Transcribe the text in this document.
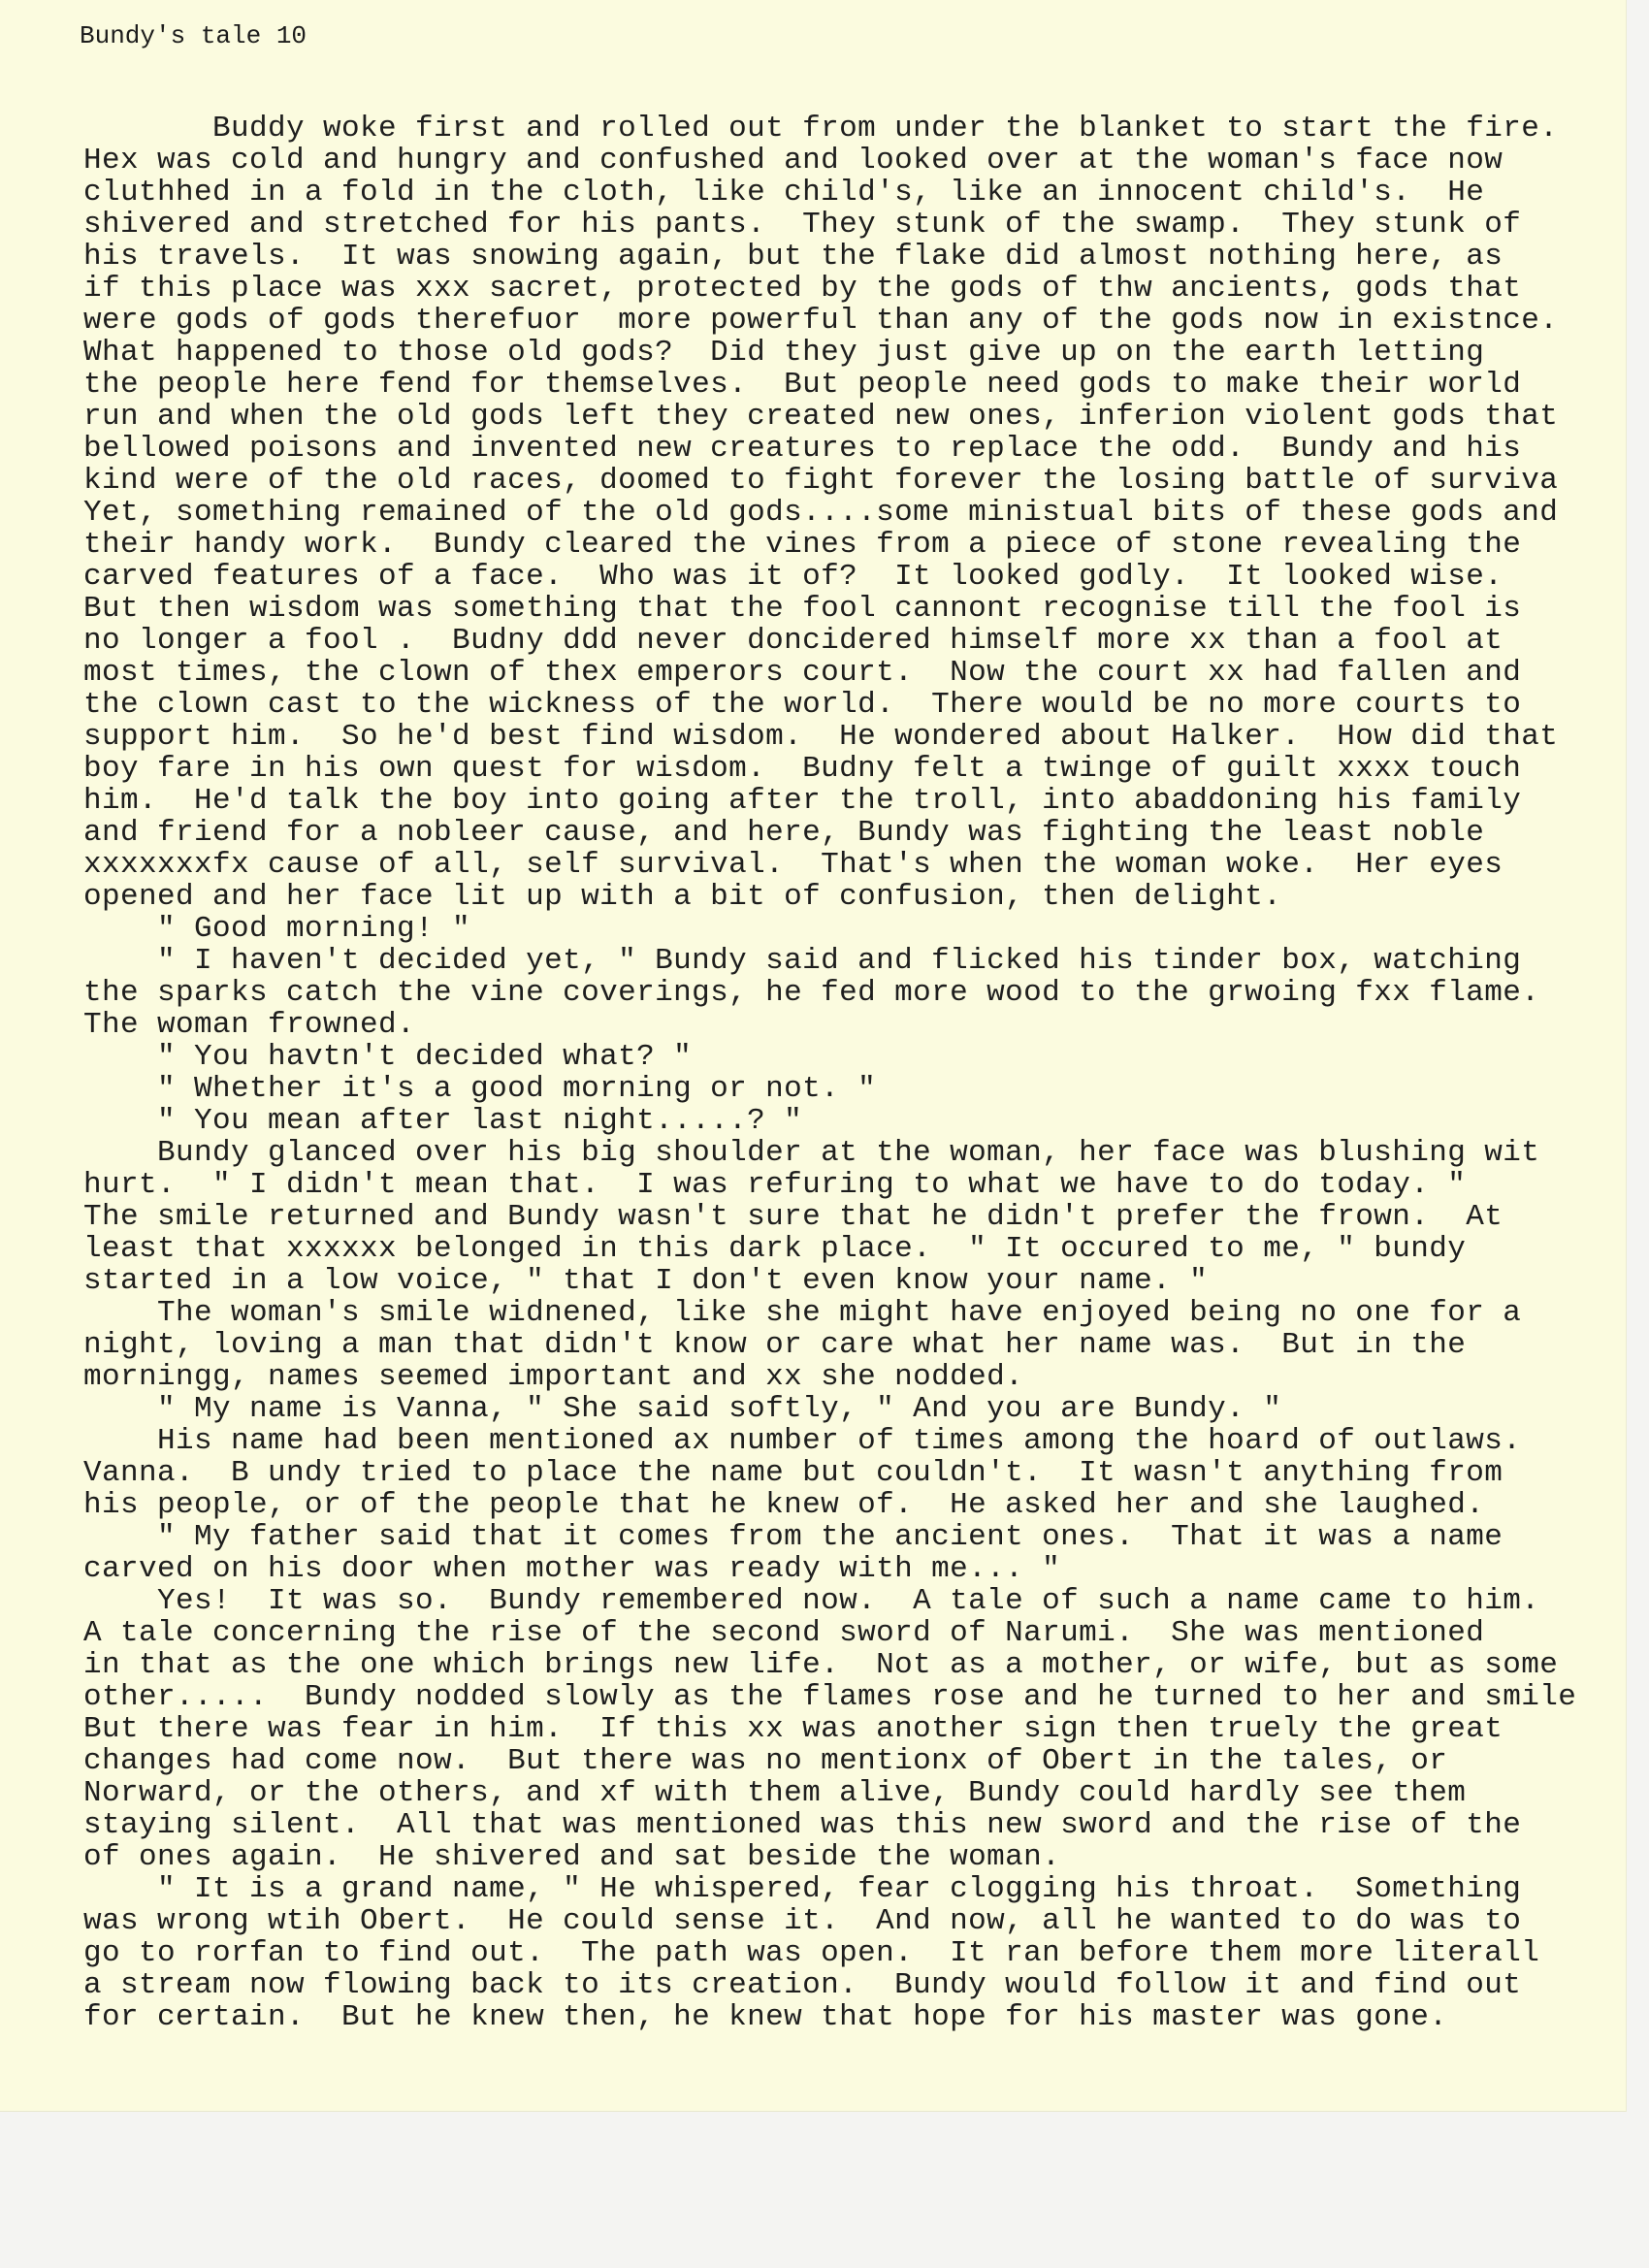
Bundy's tale 10
Buddy woke first and rolled out from under the blanket to start the fire.
Hex was cold and hungry and confushed and looked over at the woman's face now
cluthhed in a fold in the cloth, like child's, like an innocent child's.  He
shivered and stretched for his pants.  They stunk of the swamp.  They stunk of
his travels.  It was snowing again, but the flake did almost nothing here, as
if this place was xxx sacret, protected by the gods of thw ancients, gods that
were gods of gods therefuor  more powerful than any of the gods now in existnce.
What happened to those old gods?  Did they just give up on the earth letting
the people here fend for themselves.  But people need gods to make their world
run and when the old gods left they created new ones, inferion violent gods that
bellowed poisons and invented new creatures to replace the odd.  Bundy and his
kind were of the old races, doomed to fight forever the losing battle of surviva
Yet, something remained of the old gods....some ministual bits of these gods and
their handy work.  Bundy cleared the vines from a piece of stone revealing the
carved features of a face.  Who was it of?  It looked godly.  It looked wise.
But then wisdom was something that the fool cannont recognise till the fool is
no longer a fool .  Budny ddd never doncidered himself more xx than a fool at
most times, the clown of thex emperors court.  Now the court xx had fallen and
the clown cast to the wickness of the world.  There would be no more courts to
support him.  So he'd best find wisdom.  He wondered about Halker.  How did that
boy fare in his own quest for wisdom.  Budny felt a twinge of guilt xxxx touch
him.  He'd talk the boy into going after the troll, into abaddoning his family
and friend for a nobleer cause, and here, Bundy was fighting the least noble
xxxxxxxfx cause of all, self survival.  That's when the woman woke.  Her eyes
opened and her face lit up with a bit of confusion, then delight.
" Good morning! "
" I haven't decided yet, " Bundy said and flicked his tinder box, watching
the sparks catch the vine coverings, he fed more wood to the grwoing fxx flame.
The woman frowned.
" You havtn't decided what? "
" Whether it's a good morning or not. "
" You mean after last night.....? "
Bundy glanced over his big shoulder at the woman, her face was blushing wit
hurt.  " I didn't mean that.  I was refuring to what we have to do today. "
The smile returned and Bundy wasn't sure that he didn't prefer the frown.  At
least that xxxxxx belonged in this dark place.  " It occured to me, " bundy
started in a low voice, " that I don't even know your name. "
The woman's smile widnened, like she might have enjoyed being no one for a
night, loving a man that didn't know or care what her name was.  But in the
morningg, names seemed important and xx she nodded.
" My name is Vanna, " She said softly, " And you are Bundy. "
His name had been mentioned ax number of times among the hoard of outlaws.
Vanna.  B undy tried to place the name but couldn't.  It wasn't anything from
his people, or of the people that he knew of.  He asked her and she laughed.
" My father said that it comes from the ancient ones.  That it was a name
carved on his door when mother was ready with me... "
Yes!  It was so.  Bundy remembered now.  A tale of such a name came to him.
A tale concerning the rise of the second sword of Narumi.  She was mentioned
in that as the one which brings new life.  Not as a mother, or wife, but as some
other.....  Bundy nodded slowly as the flames rose and he turned to her and smile
But there was fear in him.  If this xx was another sign then truely the great
changes had come now.  But there was no mentionx of Obert in the tales, or
Norward, or the others, and xf with them alive, Bundy could hardly see them
staying silent.  All that was mentioned was this new sword and the rise of the
of ones again.  He shivered and sat beside the woman.
" It is a grand name, " He whispered, fear clogging his throat.  Something
was wrong wtih Obert.  He could sense it.  And now, all he wanted to do was to
go to rorfan to find out.  The path was open.  It ran before them more literall
a stream now flowing back to its creation.  Bundy would follow it and find out
for certain.  But he knew then, he knew that hope for his master was gone.
